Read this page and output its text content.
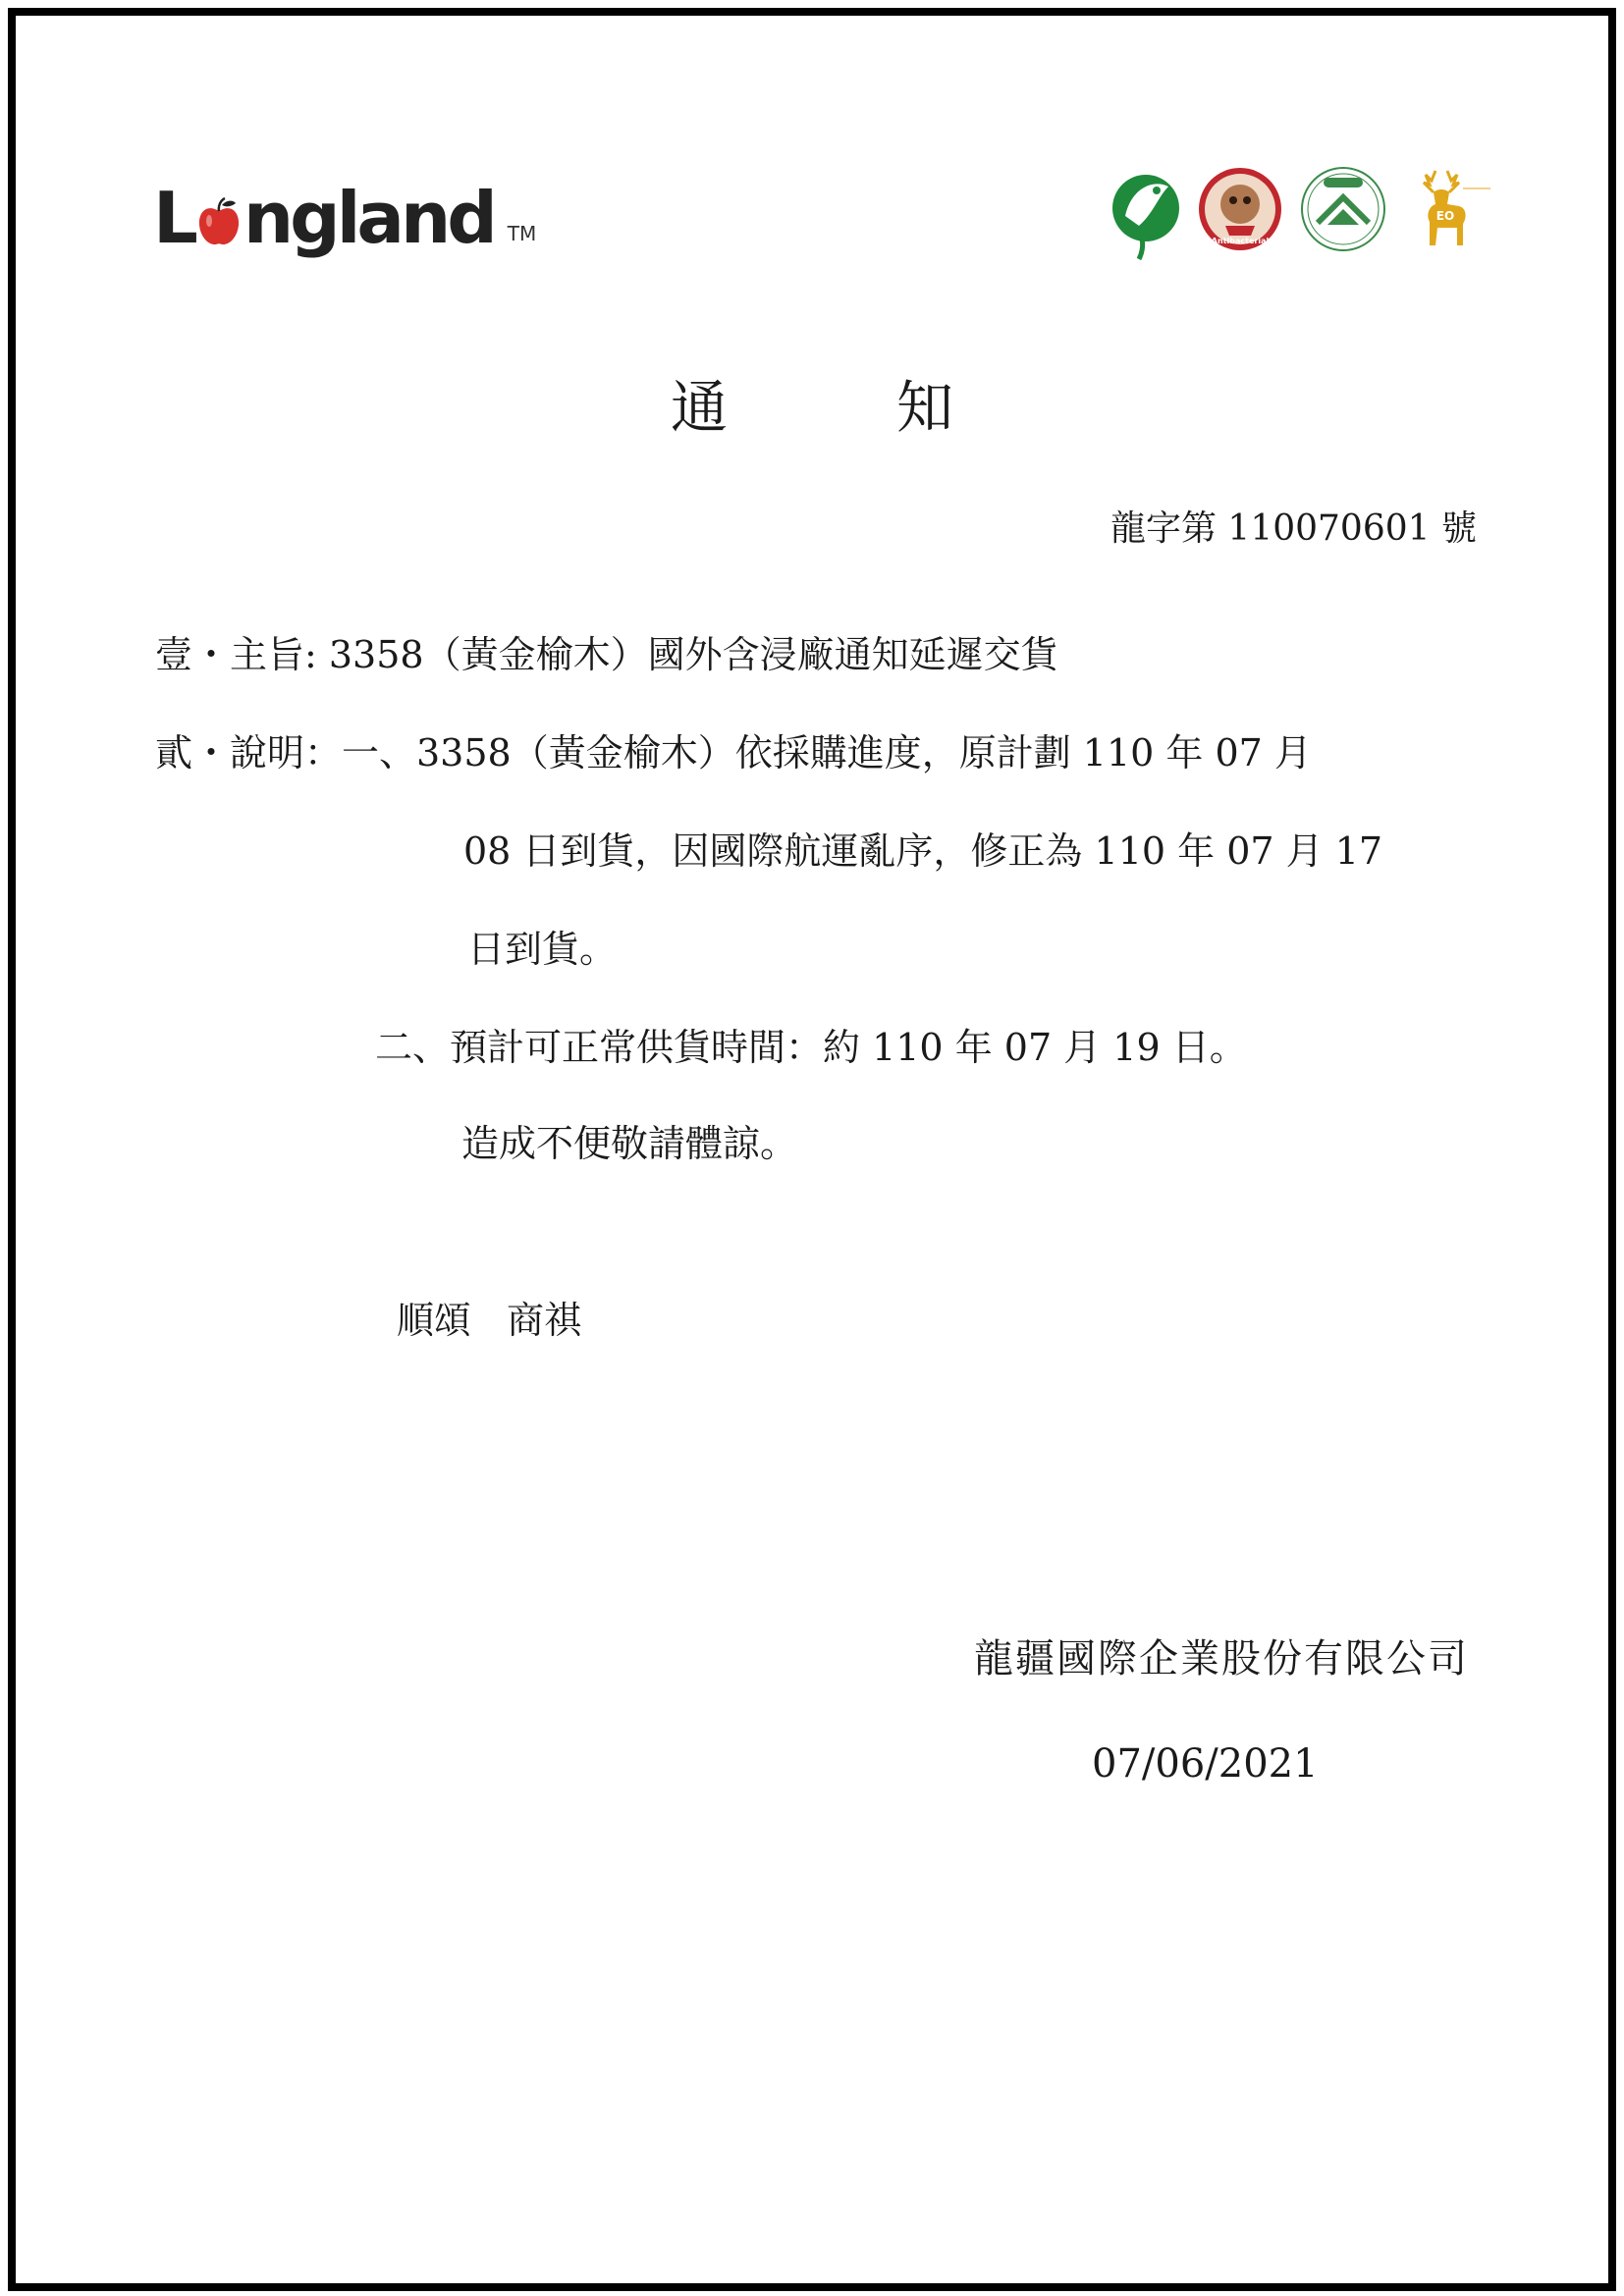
L ngland TM	Antibacterial
EO
通	知
龍字第 110070601 號
壹・主旨: 3358（黃金榆木）國外含浸廠通知延遲交貨
貳・說明：一、3358（黃金榆木）依採購進度，原計劃 110 年 07 月
08 日到貨，因國際航運亂序，修正為 110 年 07 月 17
日到貨。
二、預計可正常供貨時間：約 110 年 07 月 19 日。
造成不便敬請體諒。
順頌 商祺
龍疆國際企業股份有限公司
07/06/2021
